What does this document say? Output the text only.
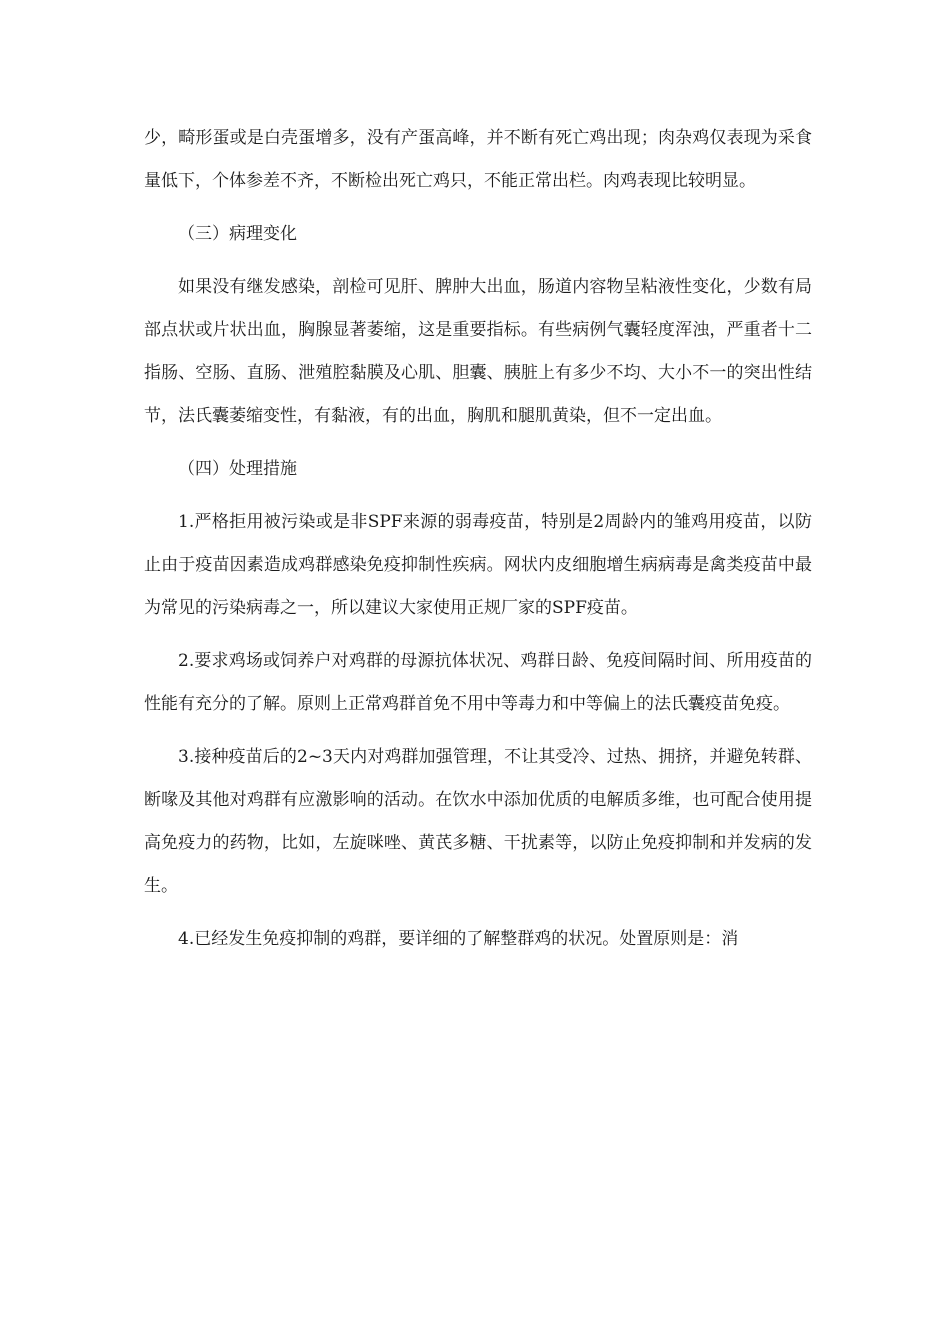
少，畸形蛋或是白壳蛋增多，没有产蛋高峰，并不断有死亡鸡出现；肉杂鸡仅表现为采食量低下，个体参差不齐，不断检出死亡鸡只，不能正常出栏。肉鸡表现比较明显。

（三）病理变化

如果没有继发感染，剖检可见肝、脾肿大出血，肠道内容物呈粘液性变化，少数有局部点状或片状出血，胸腺显著萎缩，这是重要指标。有些病例气囊轻度浑浊，严重者十二指肠、空肠、直肠、泄殖腔黏膜及心肌、胆囊、胰脏上有多少不均、大小不一的突出性结节，法氏囊萎缩变性，有黏液，有的出血，胸肌和腿肌黄染，但不一定出血。

（四）处理措施

1.严格拒用被污染或是非SPF来源的弱毒疫苗，特别是2周龄内的雏鸡用疫苗，以防止由于疫苗因素造成鸡群感染免疫抑制性疾病。网状内皮细胞增生病病毒是禽类疫苗中最为常见的污染病毒之一，所以建议大家使用正规厂家的SPF疫苗。

2.要求鸡场或饲养户对鸡群的母源抗体状况、鸡群日龄、免疫间隔时间、所用疫苗的性能有充分的了解。原则上正常鸡群首免不用中等毒力和中等偏上的法氏囊疫苗免疫。

3.接种疫苗后的2~3天内对鸡群加强管理，不让其受冷、过热、拥挤，并避免转群、断喙及其他对鸡群有应激影响的活动。在饮水中添加优质的电解质多维，也可配合使用提高免疫力的药物，比如，左旋咪唑、黄芪多糖、干扰素等，以防止免疫抑制和并发病的发生。

4.已经发生免疫抑制的鸡群，要详细的了解整群鸡的状况。处置原则是：消
